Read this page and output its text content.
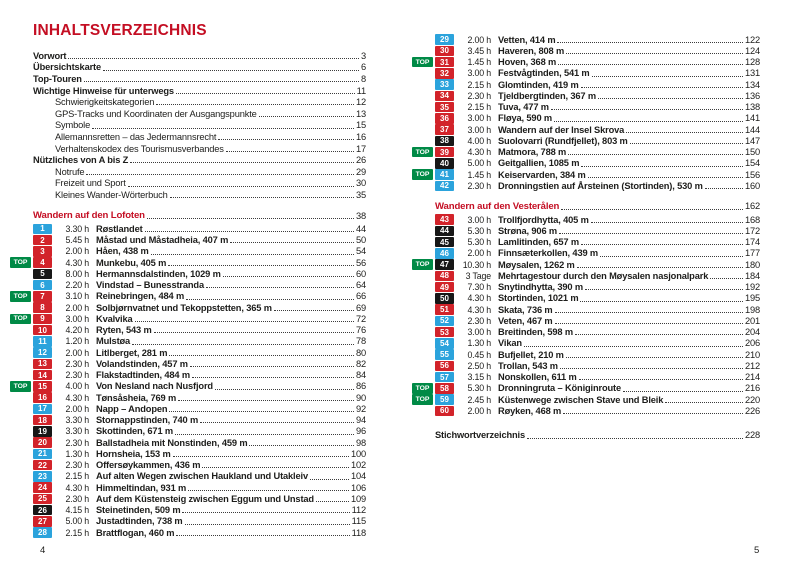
INHALTSVERZEICHNIS
Vorwort	3
Übersichtskarte	6
Top-Touren	8
Wichtige Hinweise für unterwegs	11
Schwierigkeitskategorien	12
GPS-Tracks und Koordinaten der Ausgangspunkte	13
Symbole	15
Allemannsretten – das Jedermannsrecht	16
Verhaltenskodex des Tourismusverbandes	17
Nützliches von A bis Z	26
Notrufe	29
Freizeit und Sport	30
Kleines Wander-Wörterbuch	35
Wandern auf den Lofoten	38
1	3.30 h Røstlandet	44
2	5.45 h Måstad und Måstadheia, 407 m	50
3	2.00 h Håen, 438 m	54
TOP	4	4.30 h Munkebu, 405 m	56
5	8.00 h Hermannsdalstinden, 1029 m	60
6	2.20 h Vindstad – Bunesstranda	64
TOP	7	3.10 h Reinebringen, 484 m	66
8	2.00 h Solbjørnvatnet und Tekoppstetten, 365 m	69
TOP	9	3.00 h Kvalvika	72
10	4.20 h Ryten, 543 m	76
11	1.20 h Mulstøa	78
12	2.00 h Litlberget, 281 m	80
13	2.30 h Volandstinden, 457 m	82
14	2.30 h Flakstadtinden, 484 m	84
TOP	15	4.00 h Von Nesland nach Nusfjord	86
16	4.30 h Tønsåsheia, 769 m	90
17	2.00 h Napp – Andopen	92
18	3.30 h Stornappstinden, 740 m	94
19	3.30 h Skottinden, 671 m	96
20	2.30 h Ballstadheia mit Nonstinden, 459 m	98
21	1.30 h Hornsheia, 153 m	100
22	2.30 h Offersøykammen, 436 m	102
23	2.15 h Auf alten Wegen zwischen Haukland und Utakleiv	104
24	4.30 h Himmeltindan, 931 m	106
25	2.30 h Auf dem Küstensteig zwischen Eggum und Unstad	109
26	4.15 h Steinetinden, 509 m	112
27	5.00 h Justadtinden, 738 m	115
28	2.15 h Brattflogan, 460 m	118
29	2.00 h Vetten, 414 m	122
30	3.45 h Haveren, 808 m	124
TOP	31	1.45 h Hoven, 368 m	128
32	3.00 h Festvågtinden, 541 m	131
33	2.15 h Glomtinden, 419 m	134
34	2.30 h Tjeldbergtinden, 367 m	136
35	2.15 h Tuva, 477 m	138
36	3.00 h Fløya, 590 m	141
37	3.00 h Wandern auf der Insel Skrova	144
38	4.00 h Suolovarri (Rundfjellet), 803 m	147
TOP	39	4.30 h Matmora, 788 m	150
40	5.00 h Geitgallien, 1085 m	154
TOP	41	1.45 h Keiservarden, 384 m	156
42	2.30 h Dronningstien auf Årsteinen (Stortinden), 530 m	160
Wandern auf den Vesterålen	162
43	3.00 h Trollfjordhytta, 405 m	168
44	5.30 h Strøna, 906 m	172
45	5.30 h Lamlitinden, 657 m	174
46	2.00 h Finnsæterkollen, 439 m	177
TOP	47	10.30 h Møysalen, 1262 m	180
48	3 Tage Mehrtagestour durch den Møysalen nasjonalpark	184
49	7.30 h Snytindhytta, 390 m	192
50	4.30 h Stortinden, 1021 m	195
51	4.30 h Skata, 736 m	198
52	2.30 h Veten, 467 m	201
53	3.00 h Breitinden, 598 m	204
54	1.30 h Vikan	206
55	0.45 h Bufjellet, 210 m	210
56	2.50 h Trollan, 543 m	212
57	3.15 h Nonskollen, 611 m	214
TOP	58	5.30 h Dronningruta – Königinroute	216
TOP	59	2.45 h Küstenwege zwischen Stave und Bleik	220
60	2.00 h Røyken, 468 m	226
Stichwortverzeichnis	228
4	5
